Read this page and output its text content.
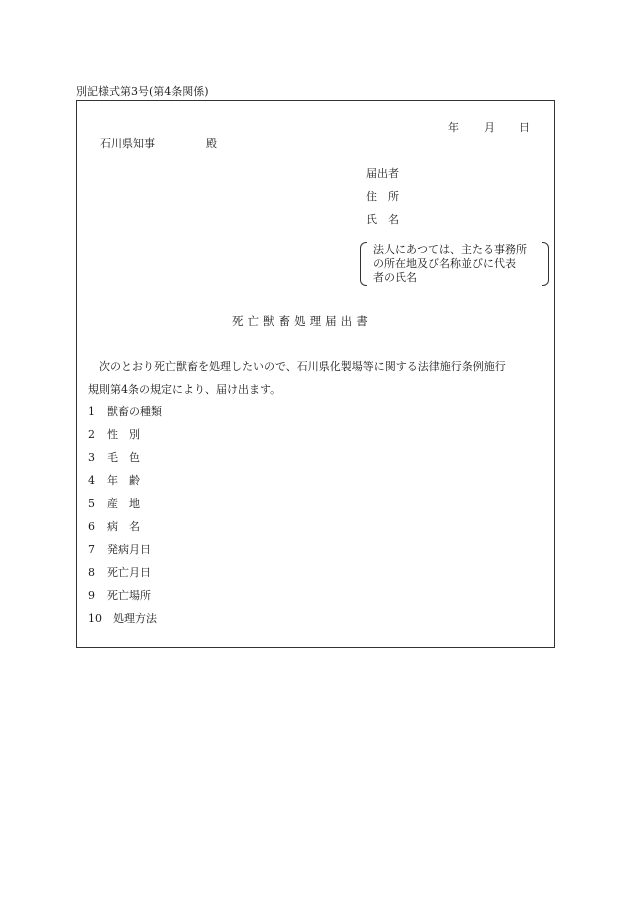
別記様式第3号(第4条関係)
年 月 日
石川県知事	殿
届出者
住　所
氏　名
法人にあつては、主たる事務所
の所在地及び名称並びに代表
者の氏名
死亡獣畜処理届出書
次のとおり死亡獣畜を処理したいので、石川県化製場等に関する法律施行条例施行
規則第4条の規定により、届け出ます。
1 獣畜の種類
2 性　別
3 毛　色
4 年　齢
5 産　地
6 病　名
7 発病月日
8 死亡月日
9 死亡場所
10 処理方法
